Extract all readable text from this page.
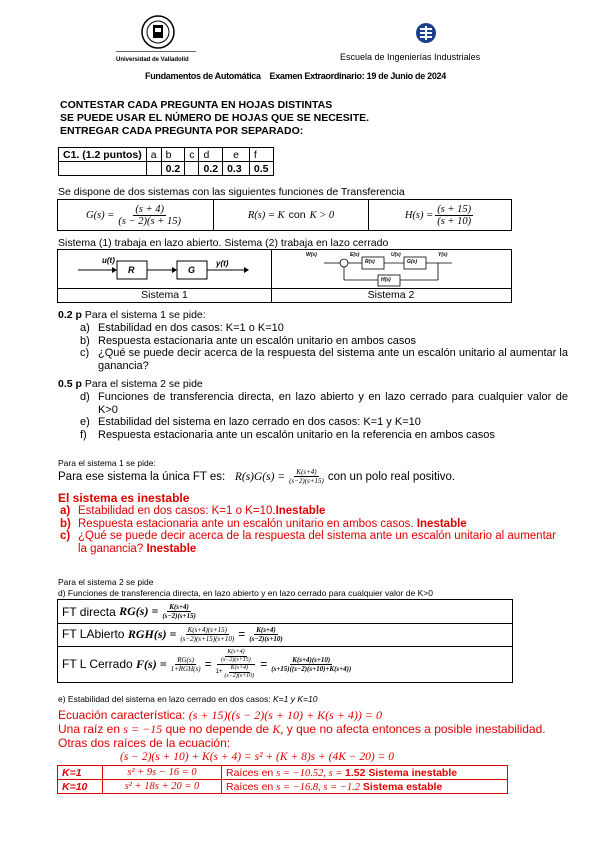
Universidad de Valladolid	Escuela de Ingenierías Industriales
Fundamentos de Automática Examen Extraordinario: 19 de Junio de 2024
CONTESTAR CADA PREGUNTA EN HOJAS DISTINTAS
SE PUEDE USAR EL NÚMERO DE HOJAS QUE SE NECESITE.
ENTREGAR CADA PREGUNTA POR SEPARADO:
C1. (1.2 puntos)	a	b	c	d	e	f
		0.2		0.2	0.3	0.5
Se dispone de dos sistemas con las siguientes funciones de Transferencia
$G(s) = \frac{(s + 4)}{(s - 2)(s + 15)}$	R(s) = K con K > 0	$H(s) = \frac{(s + 15)}{(s + 10)}$
Sistema (1) trabaja en lazo abierto. Sistema (2) trabaja en lazo cerrado
u(t)
R	G
y(t)
Sistema 1
W(s)	E(s)
R(s)
U(s)
G(s)
Y(s)
H(s)
Sistema 2
0.2 p Para el sistema 1 se pide:
a) Estabilidad en dos casos: K=1 o K=10
b) Respuesta estacionaria ante un escalón unitario en ambos casos
c) ¿Qué se puede decir acerca de la respuesta del sistema ante un escalón unitario al aumentar la ganancia?
0.5 p Para el sistema 2 se pide
d) Funciones de transferencia directa, en lazo abierto y en lazo cerrado para cualquier valor de K>0
e) Estabilidad del sistema en lazo cerrado en dos casos: K=1 y K=10
f) Respuesta estacionaria ante un escalón unitario en la referencia en ambos casos
Para el sistema 1 se pide:
Para ese sistema la única FT es:
$R(s)G(s) = \frac{K(s+4)}{(s-2)(s+15)}$ con un polo real positivo.
El sistema es inestable
a) Estabilidad en dos casos: K=1 o K=10.Inestable
b) Respuesta estacionaria ante un escalón unitario en ambos casos. Inestable
c) ¿Qué se puede decir acerca de la respuesta del sistema ante un escalón unitario al aumentar la ganancia? Inestable
Para el sistema 2 se pide
d) Funciones de transferencia directa, en lazo abierto y en lazo cerrado para cualquier valor de K>0
FT directa
$RG(s) = \frac{K(s+4)}{(s-2)(s+15)}$
FT LAbierto
$RGH(s) = \frac{K(s+4)(s+15)}{(s-2)(s+15)(s+10)} = \frac{K(s+4)}{(s-2)(s+10)}$
FT L Cerrado
$F(s) = \frac{RG(s)}{\text{1+RGH(s)}} = \frac{\frac{K(s+4)}{(s-2)(s+15)}}{1+ \frac{K(s+4)}{(s-2)(s+10)}} = \frac{K(s+4)(s+10)}{(s+15)((s-2)(s+10)+K(s+4))}$
e) Estabilidad del sistema en lazo cerrado en dos casos: K=1 y K=10
Ecuación característica: (s + 15)((s − 2)(s + 10) + K(s + 4)) = 0
Una raíz en s = −15 que no depende de K, y que no afecta entonces a posible inestabilidad.
Otras dos raíces de la ecuación:
(s − 2)(s + 10) + K(s + 4) = s² + (K + 8)s + (4K − 20) = 0
K=1	s² + 9s − 16 = 0	Raíces en s = −10.52, s = 1.52 Sistema inestable
K=10	s² + 18s + 20 = 0	Raíces en s = −16.8, s = −1.2 Sistema estable
